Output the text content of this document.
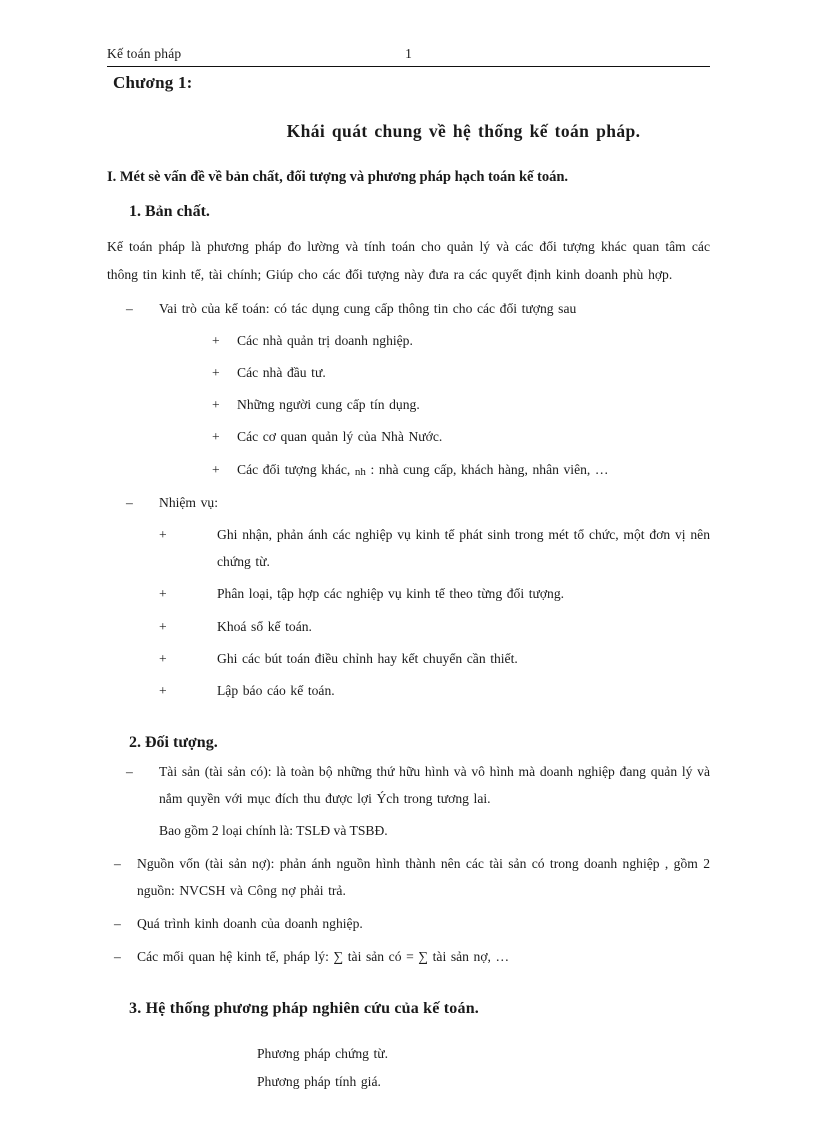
Kế toán pháp	1
Chương 1:
Khái quát chung về hệ thống kế toán pháp.
I. Mét sè vấn đề về bản chất, đối tượng và phương pháp hạch toán kế toán.
1. Bản chất.

Kế toán pháp là phương pháp đo lường và tính toán cho quản lý và các đối tượng khác quan tâm các thông tin kinh tế, tài chính; Giúp cho các đối tượng này đưa ra các quyết định kinh doanh phù hợp.

– Vai trò của kế toán: có tác dụng cung cấp thông tin cho các đối tượng sau
+ Các nhà quản trị doanh nghiệp.
+ Các nhà đầu tư.
+ Những người cung cấp tín dụng.
+ Các cơ quan quản lý của Nhà Nước.
+ Các đối tượng khác, nh : nhà cung cấp, khách hàng, nhân viên, …
– Nhiệm vụ:
+	Ghi nhận, phản ánh các nghiệp vụ kinh tế phát sinh trong mét tổ chức, một đơn vị nên chứng từ.
+	Phân loại, tập hợp các nghiệp vụ kinh tế theo từng đối tượng.
+	Khoá sổ kế toán.
+	Ghi các bút toán điều chỉnh hay kết chuyển cần thiết.
+	Lập báo cáo kế toán.
2. Đối tượng.
– Tài sản (tài sản có): là toàn bộ những thứ hữu hình và vô hình mà doanh nghiệp đang quản lý và nắm quyền với mục đích thu được lợi Ých trong tương lai.
Bao gồm 2 loại chính là: TSLĐ và TSBĐ.
– Nguồn vốn (tài sản nợ): phản ánh nguồn hình thành nên các tài sản có trong doanh nghiệp , gồm 2 nguồn: NVCSH và Công nợ phải trả.
– Quá trình kinh doanh của doanh nghiệp.
– Các mối quan hệ kinh tế, pháp lý: ∑ tài sản có = ∑ tài sản nợ, …
3. Hệ thống phương pháp nghiên cứu của kế toán.
Phương pháp chứng từ.
Phương pháp tính giá.
